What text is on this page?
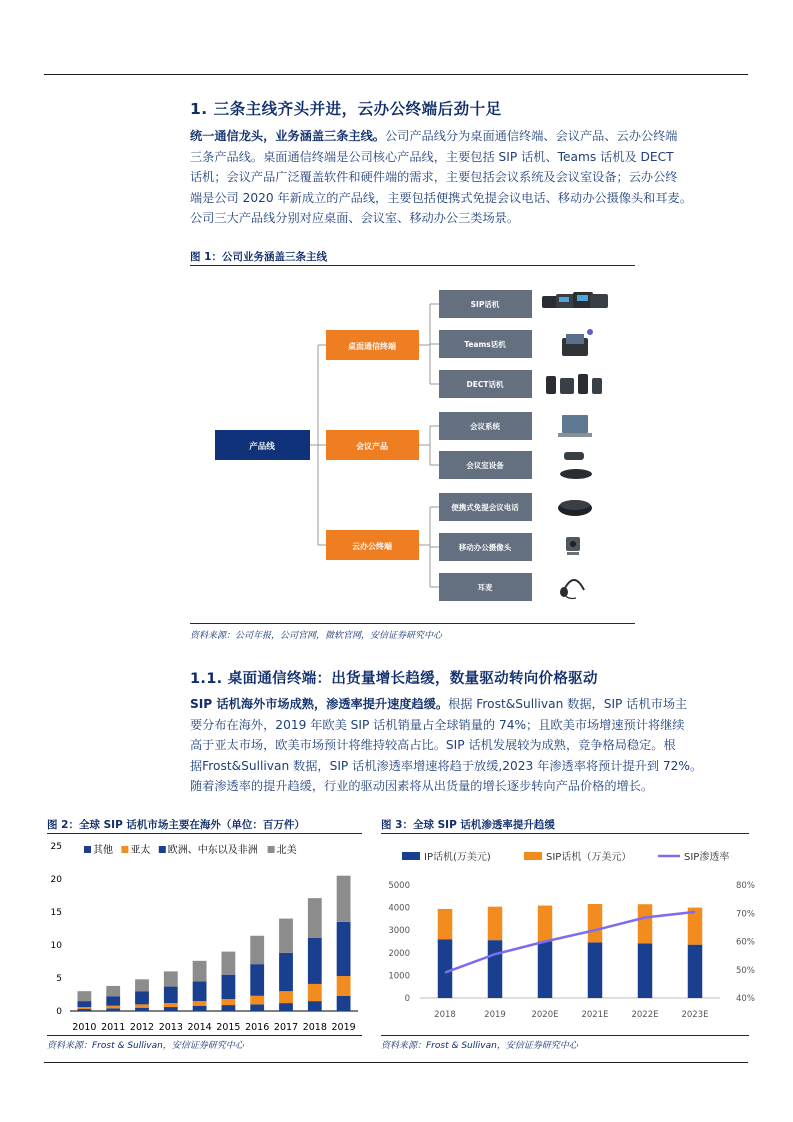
1. 三条主线齐头并进，云办公终端后劲十足
统一通信龙头，业务涵盖三条主线。公司产品线分为桌面通信终端、会议产品、云办公终端
三条产品线。桌面通信终端是公司核心产品线，主要包括 SIP 话机、Teams 话机及 DECT
话机；会议产品广泛覆盖软件和硬件端的需求，主要包括会议系统及会议室设备；云办公终
端是公司 2020 年新成立的产品线，主要包括便携式免提会议电话、移动办公摄像头和耳麦。
公司三大产品线分别对应桌面、会议室、移动办公三类场景。
图 1：公司业务涵盖三条主线
产品线
桌面通信终端
会议产品
云办公终端
SIP话机
Teams话机
DECT话机
会议系统
会议室设备
便携式免提会议电话
移动办公摄像头
耳麦
资料来源：公司年报，公司官网，微软官网，安信证券研究中心
1.1. 桌面通信终端：出货量增长趋缓，数量驱动转向价格驱动
SIP 话机海外市场成熟，渗透率提升速度趋缓。根据 Frost&Sullivan 数据，SIP 话机市场主
要分布在海外，2019 年欧美 SIP 话机销量占全球销量的 74%；且欧美市场增速预计将继续
高于亚太市场，欧美市场预计将维持较高占比。SIP 话机发展较为成熟，竞争格局稳定。根
据Frost&Sullivan 数据，SIP 话机渗透率增速将趋于放缓,2023 年渗透率将预计提升到 72%。
随着渗透率的提升趋缓，行业的驱动因素将从出货量的增长逐步转向产品价格的增长。
图 2：全球 SIP 话机市场主要在海外（单位：百万件）
0
5
10
15
20
25
2010 2011 2012 2013 2014 2015 2016 2017 2018 2019
其他 亚太 欧洲、中东以及非洲 北美
资料来源：Frost & Sullivan，安信证券研究中心
图 3：全球 SIP 话机渗透率提升趋缓
0
1000
2000
3000
4000
5000
40%
50%
60%
70%
80%
2018	2019	2020E	2021E	2022E	2023E
IP话机(万美元)	SIP话机（万美元）	SIP渗透率
资料来源：Frost & Sullivan，安信证券研究中心
